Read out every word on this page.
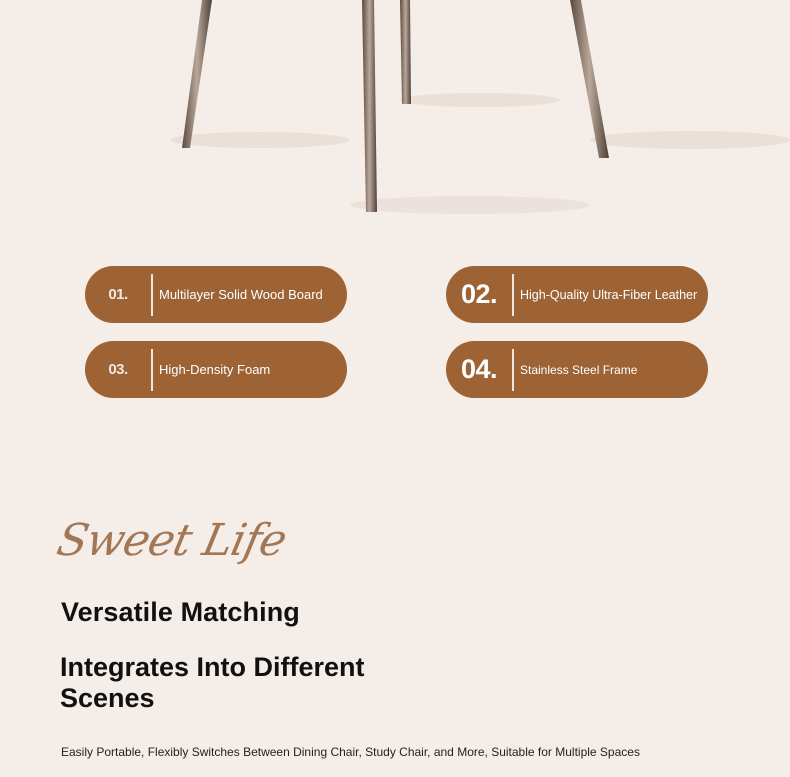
01.	Multilayer Solid Wood Board	02.	High-Quality Ultra-Fiber Leather
03.	High-Density Foam	04.	Stainless Steel Frame
Sweet Life
Versatile Matching
Integrates Into Different Scenes

Easily Portable, Flexibly Switches Between Dining Chair, Study Chair, and More, Suitable for Multiple Spaces
